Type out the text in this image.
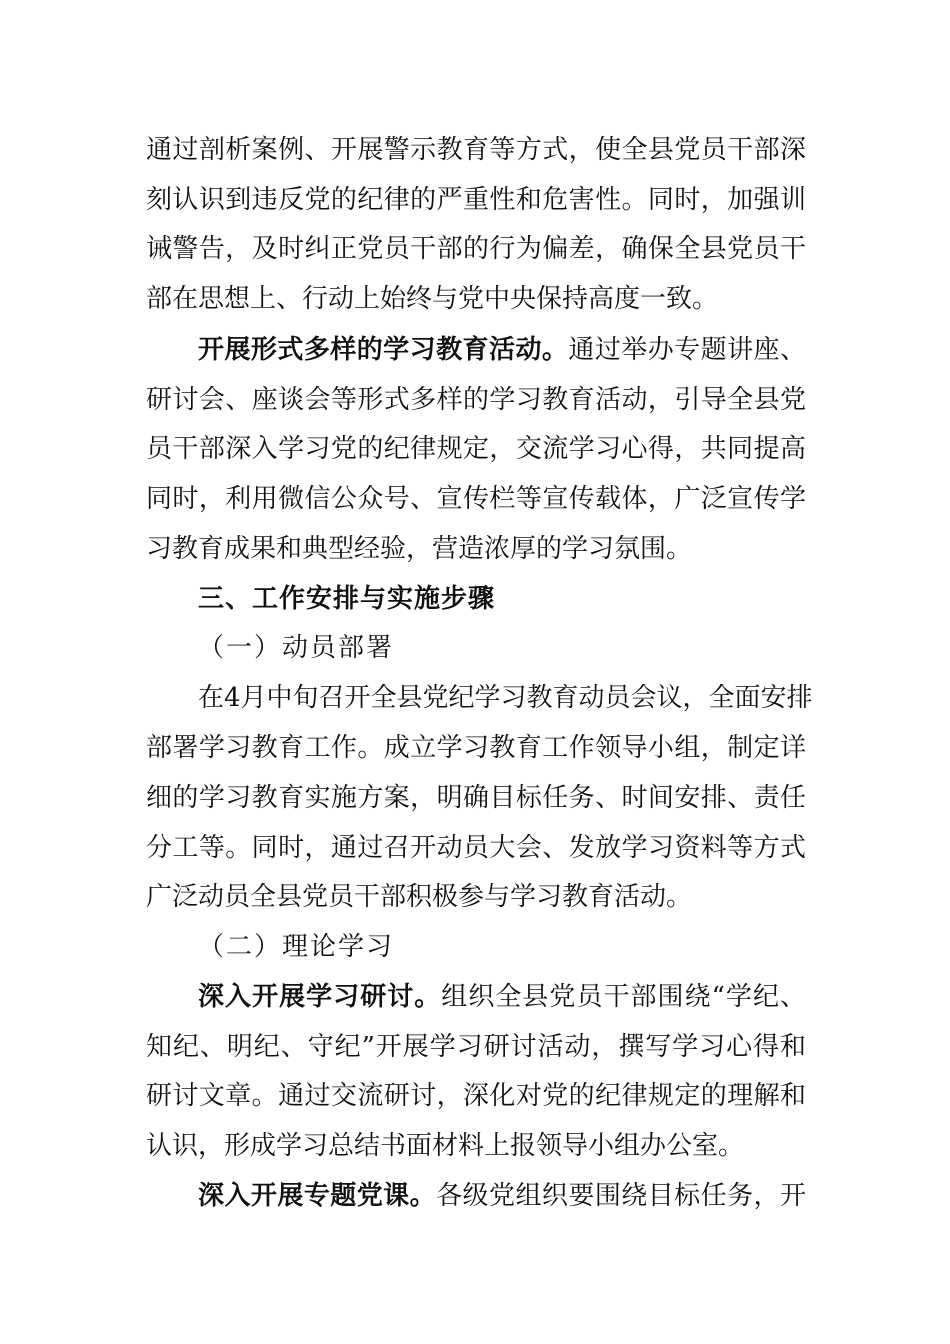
通过剖析案例、开展警示教育等方式，使全县党员干部深
刻认识到违反党的纪律的严重性和危害性。同时，加强训
诫警告，及时纠正党员干部的行为偏差，确保全县党员干
部在思想上、行动上始终与党中央保持高度一致。
开展形式多样的学习教育活动。通过举办专题讲座、
研讨会、座谈会等形式多样的学习教育活动，引导全县党
员干部深入学习党的纪律规定，交流学习心得，共同提高
同时，利用微信公众号、宣传栏等宣传载体，广泛宣传学
习教育成果和典型经验，营造浓厚的学习氛围。
三、工作安排与实施步骤
（一）动员部署
在4月中旬召开全县党纪学习教育动员会议，全面安排
部署学习教育工作。成立学习教育工作领导小组，制定详
细的学习教育实施方案，明确目标任务、时间安排、责任
分工等。同时，通过召开动员大会、发放学习资料等方式
广泛动员全县党员干部积极参与学习教育活动。
（二）理论学习
深入开展学习研讨。组织全县党员干部围绕“学纪、
知纪、明纪、守纪”开展学习研讨活动，撰写学习心得和
研讨文章。通过交流研讨，深化对党的纪律规定的理解和
认识，形成学习总结书面材料上报领导小组办公室。
深入开展专题党课。各级党组织要围绕目标任务，开
